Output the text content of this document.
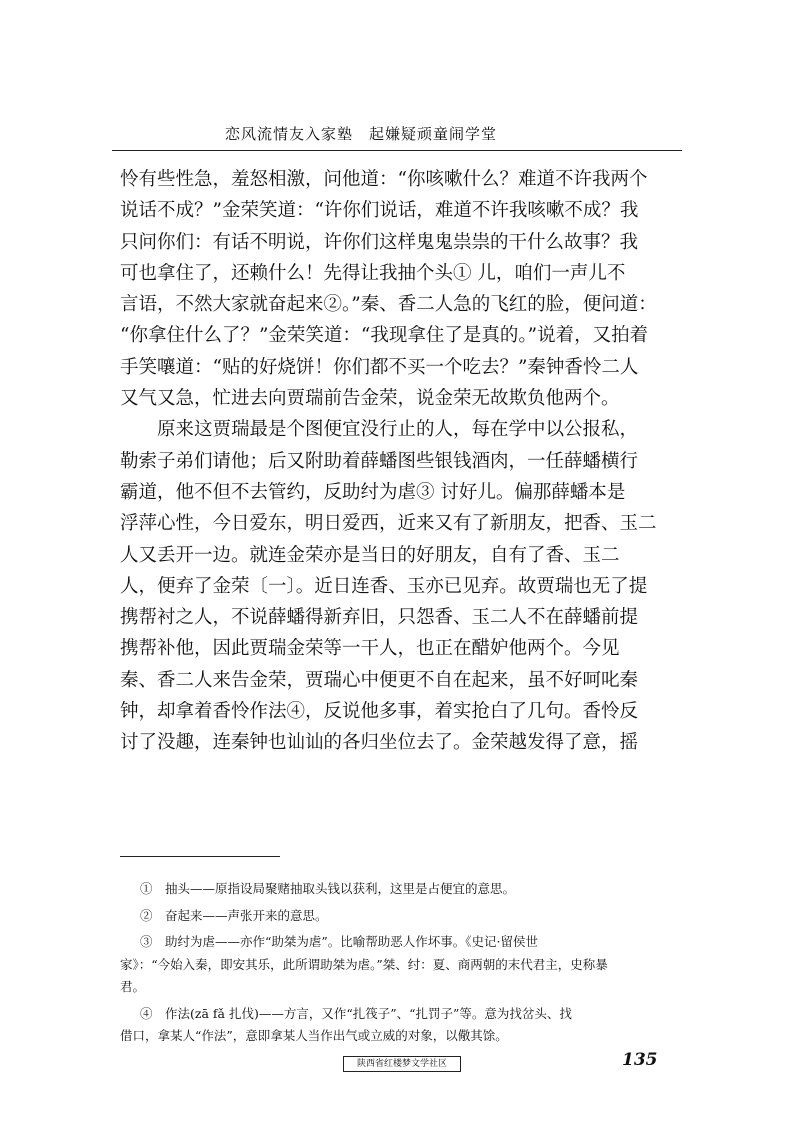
恋风流情友入家塾　起嫌疑顽童闹学堂
怜有些性急，羞怒相激，问他道：“你咳嗽什么？难道不许我两个
说话不成？”金荣笑道：“许你们说话，难道不许我咳嗽不成？我
只问你们：有话不明说，许你们这样鬼鬼祟祟的干什么故事？我
可也拿住了，还赖什么！先得让我抽个头① 儿，咱们一声儿不
言语，不然大家就奋起来②。”秦、香二人急的飞红的脸，便问道：
“你拿住什么了？”金荣笑道：“我现拿住了是真的。”说着，又拍着
手笑嚷道：“贴的好烧饼！你们都不买一个吃去？”秦钟香怜二人
又气又急，忙进去向贾瑞前告金荣，说金荣无故欺负他两个。
原来这贾瑞最是个图便宜没行止的人，每在学中以公报私，
勒索子弟们请他；后又附助着薛蟠图些银钱酒肉，一任薛蟠横行
霸道，他不但不去管约，反助纣为虐③ 讨好儿。偏那薛蟠本是
浮萍心性，今日爱东，明日爱西，近来又有了新朋友，把香、玉二
人又丢开一边。就连金荣亦是当日的好朋友，自有了香、玉二
人，便弃了金荣〔一〕。近日连香、玉亦已见弃。故贾瑞也无了提
携帮衬之人，不说薛蟠得新弃旧，只怨香、玉二人不在薛蟠前提
携帮补他，因此贾瑞金荣等一干人，也正在醋妒他两个。今见
秦、香二人来告金荣，贾瑞心中便更不自在起来，虽不好呵叱秦
钟，却拿着香怜作法④，反说他多事，着实抢白了几句。香怜反
讨了没趣，连秦钟也讪讪的各归坐位去了。金荣越发得了意，摇
①　抽头——原指设局聚赌抽取头钱以获利，这里是占便宜的意思。
②　奋起来——声张开来的意思。
③　助纣为虐——亦作“助桀为虐”。比喻帮助恶人作坏事。《史记·留侯世
家》：“今始入秦，即安其乐，此所谓助桀为虐。”桀、纣：夏、商两朝的末代君主，史称暴
君。
④　作法(zā fǎ 扎伐)——方言，又作“扎筏子”、“扎罚子”等。意为找岔头、找
借口，拿某人“作法”，意即拿某人当作出气或立威的对象，以儆其馀。
陕西省红楼梦文学社区	135
